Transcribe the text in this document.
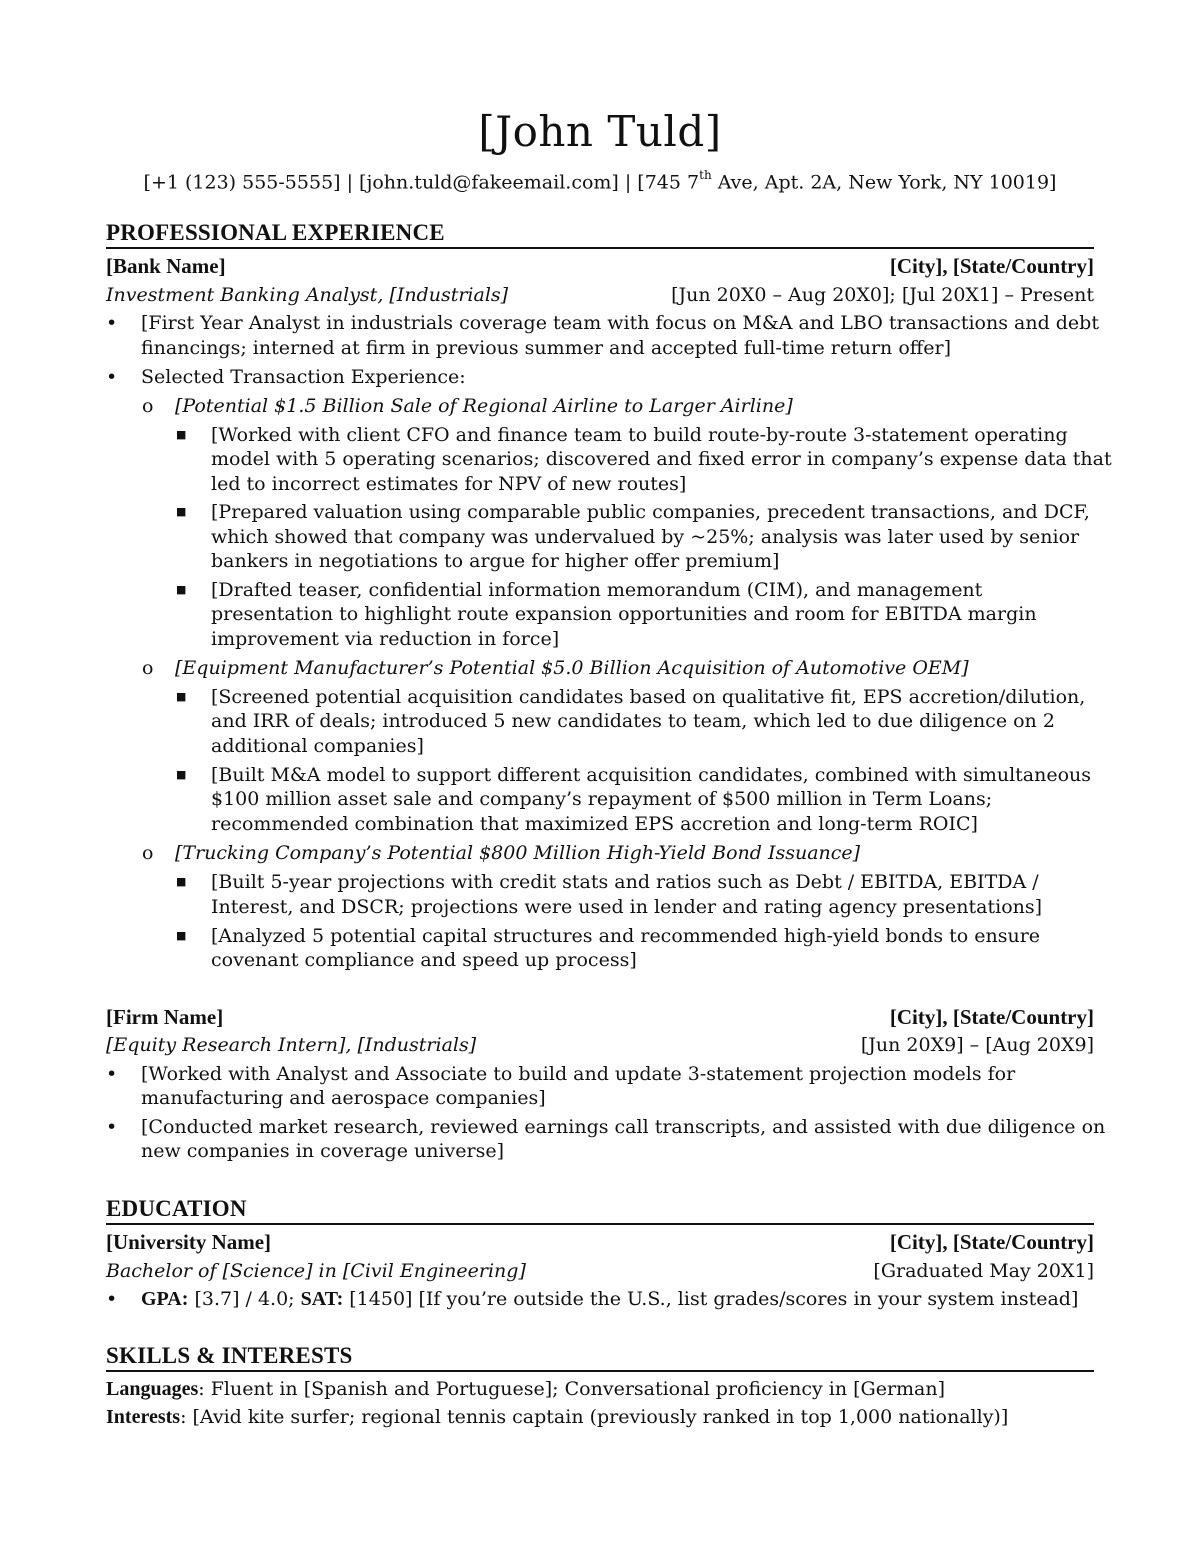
[John Tuld]
[+1 (123) 555-5555] | [john.tuld@fakeemail.com] | [745 7th Ave, Apt. 2A, New York, NY 10019]
PROFESSIONAL EXPERIENCE
[Bank Name]	[City], [State/Country]
Investment Banking Analyst, [Industrials]	[Jun 20X0 – Aug 20X0]; [Jul 20X1] – Present
• [First Year Analyst in industrials coverage team with focus on M&A and LBO transactions and debt
financings; interned at firm in previous summer and accepted full-time return offer]
• Selected Transaction Experience:
o [Potential $1.5 Billion Sale of Regional Airline to Larger Airline]
■ [Worked with client CFO and finance team to build route-by-route 3-statement operating
model with 5 operating scenarios; discovered and fixed error in company’s expense data that
led to incorrect estimates for NPV of new routes]
■ [Prepared valuation using comparable public companies, precedent transactions, and DCF,
which showed that company was undervalued by ~25%; analysis was later used by senior
bankers in negotiations to argue for higher offer premium]
■ [Drafted teaser, confidential information memorandum (CIM), and management
presentation to highlight route expansion opportunities and room for EBITDA margin
improvement via reduction in force]
o [Equipment Manufacturer’s Potential $5.0 Billion Acquisition of Automotive OEM]
■ [Screened potential acquisition candidates based on qualitative fit, EPS accretion/dilution,
and IRR of deals; introduced 5 new candidates to team, which led to due diligence on 2
additional companies]
■ [Built M&A model to support different acquisition candidates, combined with simultaneous
$100 million asset sale and company’s repayment of $500 million in Term Loans;
recommended combination that maximized EPS accretion and long-term ROIC]
o [Trucking Company’s Potential $800 Million High-Yield Bond Issuance]
■ [Built 5-year projections with credit stats and ratios such as Debt / EBITDA, EBITDA /
Interest, and DSCR; projections were used in lender and rating agency presentations]
■ [Analyzed 5 potential capital structures and recommended high-yield bonds to ensure
covenant compliance and speed up process]
[Firm Name]	[City], [State/Country]
[Equity Research Intern], [Industrials]	[Jun 20X9] – [Aug 20X9]
• [Worked with Analyst and Associate to build and update 3-statement projection models for
manufacturing and aerospace companies]
• [Conducted market research, reviewed earnings call transcripts, and assisted with due diligence on
new companies in coverage universe]
EDUCATION
[University Name]	[City], [State/Country]
Bachelor of [Science] in [Civil Engineering]	[Graduated May 20X1]
• GPA: [3.7] / 4.0; SAT: [1450] [If you’re outside the U.S., list grades/scores in your system instead]
SKILLS & INTERESTS
Languages: Fluent in [Spanish and Portuguese]; Conversational proficiency in [German]
Interests: [Avid kite surfer; regional tennis captain (previously ranked in top 1,000 nationally)]
